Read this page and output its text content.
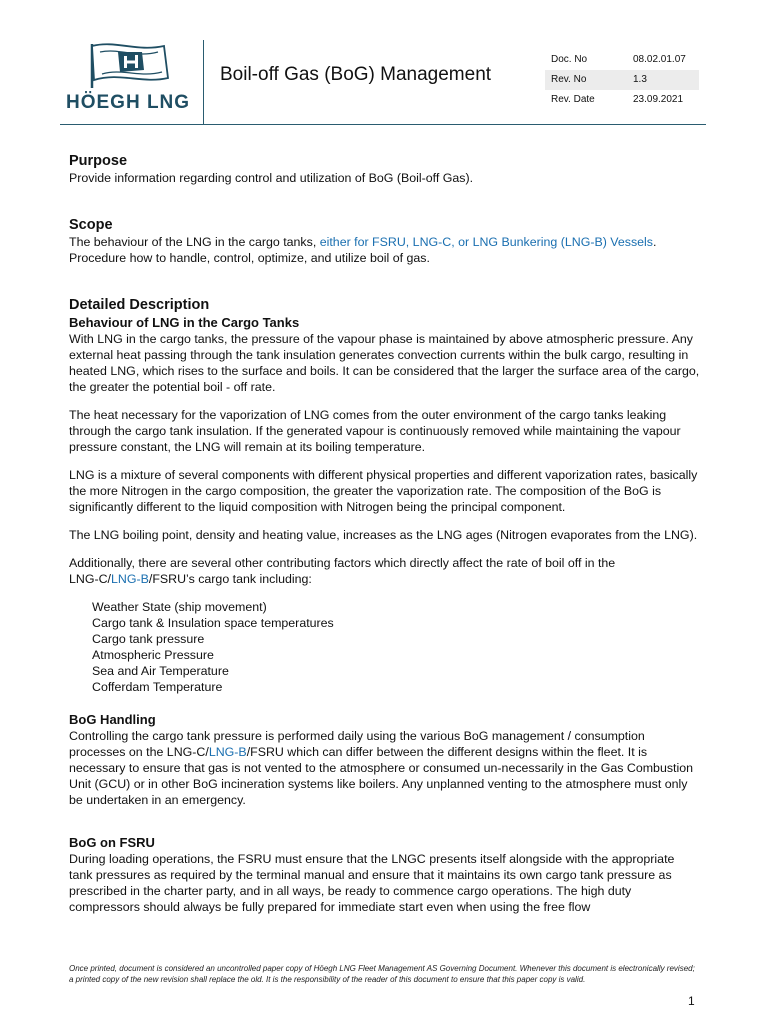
HÖEGH LNG
Boil-off Gas (BoG) Management
Doc. No	08.02.01.07
Rev. No	1.3
Rev. Date	23.09.2021
Purpose

Provide information regarding control and utilization of BoG (Boil-off Gas).

Scope

The behaviour of the LNG in the cargo tanks, either for FSRU, LNG-C, or LNG Bunkering (LNG-B) Vessels.

Procedure how to handle, control, optimize, and utilize boil of gas.

Detailed Description
Behaviour of LNG in the Cargo Tanks

With LNG in the cargo tanks, the pressure of the vapour phase is maintained by above atmospheric pressure. Any external heat passing through the tank insulation generates convection currents within the bulk cargo, resulting in heated LNG, which rises to the surface and boils. It can be considered that the larger the surface area of the cargo, the greater the potential boil - off rate.

The heat necessary for the vaporization of LNG comes from the outer environment of the cargo tanks leaking through the cargo tank insulation. If the generated vapour is continuously removed while maintaining the vapour pressure constant, the LNG will remain at its boiling temperature.

LNG is a mixture of several components with different physical properties and different vaporization rates, basically the more Nitrogen in the cargo composition, the greater the vaporization rate. The composition of the BoG is significantly different to the liquid composition with Nitrogen being the principal component.

The LNG boiling point, density and heating value, increases as the LNG ages (Nitrogen evaporates from the LNG).

Additionally, there are several other contributing factors which directly affect the rate of boil off in the
LNG-C/LNG-B/FSRU’s cargo tank including:

Weather State (ship movement)
Cargo tank & Insulation space temperatures
Cargo tank pressure
Atmospheric Pressure
Sea and Air Temperature
Cofferdam Temperature
BoG Handling

Controlling the cargo tank pressure is performed daily using the various BoG management / consumption
processes on the LNG-C/LNG-B/FSRU which can differ between the different designs within the fleet. It is necessary to ensure that gas is not vented to the atmosphere or consumed un-necessarily in the Gas Combustion Unit (GCU) or in other BoG incineration systems like boilers. Any unplanned venting to the atmosphere must only be undertaken in an emergency.

BoG on FSRU

During loading operations, the FSRU must ensure that the LNGC presents itself alongside with the appropriate tank pressures as required by the terminal manual and ensure that it maintains its own cargo tank pressure as prescribed in the charter party, and in all ways, be ready to commence cargo operations. The high duty compressors should always be fully prepared for immediate start even when using the free flow

Once printed, document is considered an uncontrolled paper copy of Höegh LNG Fleet Management AS Governing Document. Whenever this document is electronically revised; a printed copy of the new revision shall replace the old. It is the responsibility of the reader of this document to ensure that this paper copy is valid.
1
